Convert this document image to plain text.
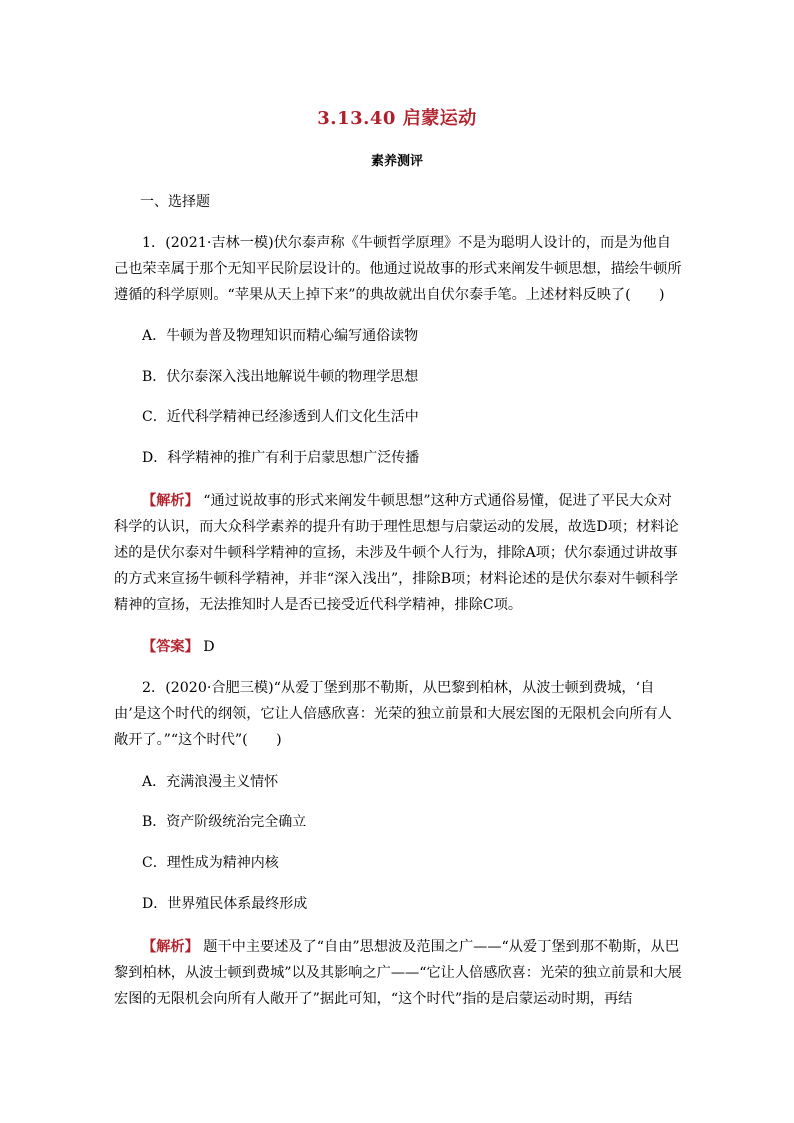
3.13.40 启蒙运动
素养测评
一、选择题
1．(2021·吉林一模)伏尔泰声称《牛顿哲学原理》不是为聪明人设计的，而是为他自己也荣幸属于那个无知平民阶层设计的。他通过说故事的形式来阐发牛顿思想，描绘牛顿所遵循的科学原则。“苹果从天上掉下来”的典故就出自伏尔泰手笔。上述材料反映了(　　)
A．牛顿为普及物理知识而精心编写通俗读物
B．伏尔泰深入浅出地解说牛顿的物理学思想
C．近代科学精神已经渗透到人们文化生活中
D．科学精神的推广有利于启蒙思想广泛传播
【解析】 “通过说故事的形式来阐发牛顿思想”这种方式通俗易懂，促进了平民大众对科学的认识，而大众科学素养的提升有助于理性思想与启蒙运动的发展，故选D项；材料论述的是伏尔泰对牛顿科学精神的宣扬，未涉及牛顿个人行为，排除A项；伏尔泰通过讲故事的方式来宣扬牛顿科学精神，并非“深入浅出”，排除B项；材料论述的是伏尔泰对牛顿科学精神的宣扬，无法推知时人是否已接受近代科学精神，排除C项。
【答案】 D
2．(2020·合肥三模)“从爱丁堡到那不勒斯，从巴黎到柏林，从波士顿到费城，‘自由’是这个时代的纲领，它让人倍感欣喜：光荣的独立前景和大展宏图的无限机会向所有人敞开了。”“这个时代”(　　)
A．充满浪漫主义情怀
B．资产阶级统治完全确立
C．理性成为精神内核
D．世界殖民体系最终形成
【解析】 题干中主要述及了“自由”思想波及范围之广——“从爱丁堡到那不勒斯，从巴黎到柏林，从波士顿到费城”以及其影响之广——“它让人倍感欣喜：光荣的独立前景和大展宏图的无限机会向所有人敞开了”据此可知，“这个时代”指的是启蒙运动时期，再结
